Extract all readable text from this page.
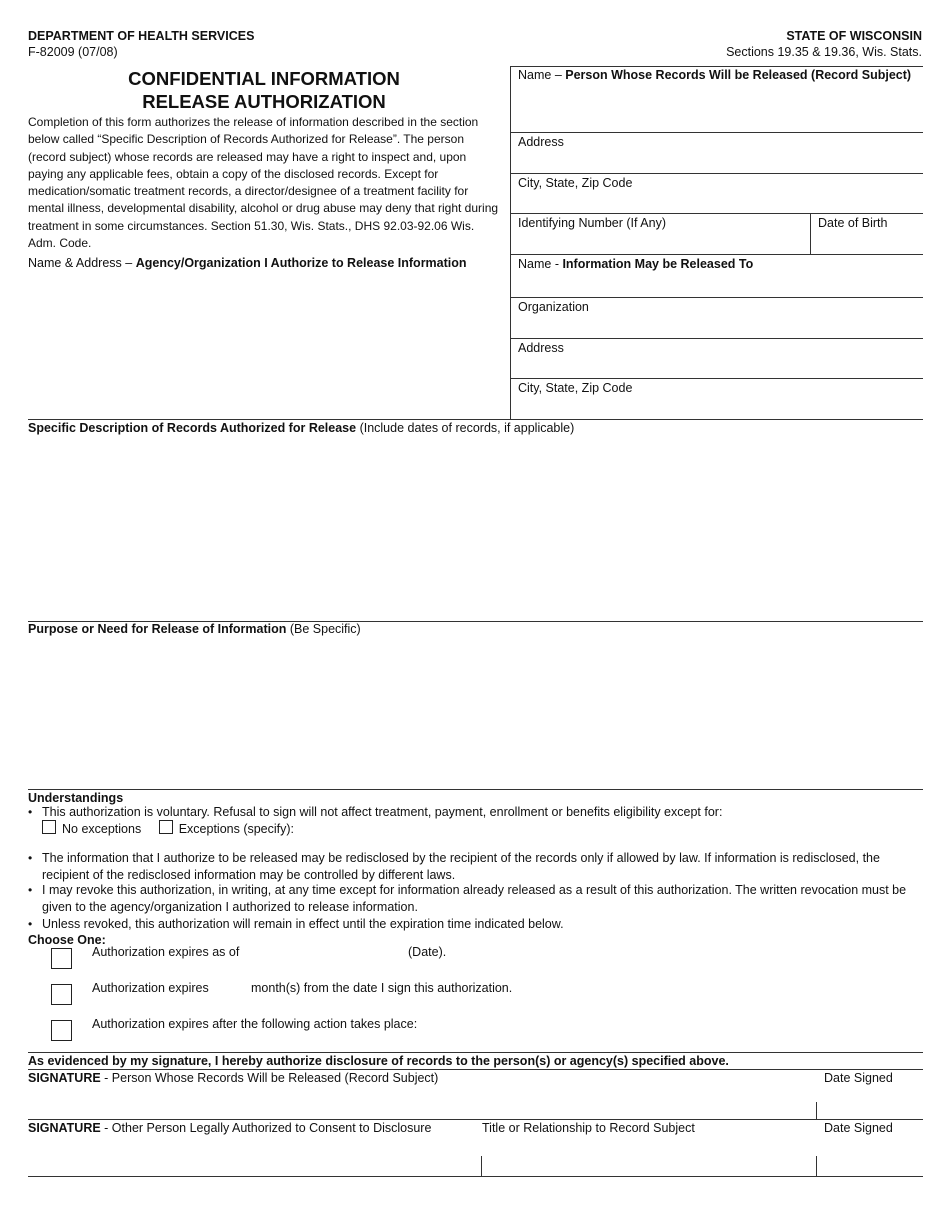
DEPARTMENT OF HEALTH SERVICES
F-82009 (07/08)
STATE OF WISCONSIN
Sections 19.35 & 19.36, Wis. Stats.
CONFIDENTIAL INFORMATION
RELEASE AUTHORIZATION
Completion of this form authorizes the release of information described in the section below called “Specific Description of Records Authorized for Release”. The person (record subject) whose records are released may have a right to inspect and, upon paying any applicable fees, obtain a copy of the disclosed records. Except for medication/somatic treatment records, a director/designee of a treatment facility for mental illness, developmental disability, alcohol or drug abuse may deny that right during treatment in some circumstances. Section 51.30, Wis. Stats., DHS 92.03-92.06 Wis. Adm. Code.
Name & Address – Agency/Organization I Authorize to Release Information
Name – Person Whose Records Will be Released (Record Subject)
Address
City, State, Zip Code
Identifying Number (If Any)	Date of Birth
Name - Information May be Released To
Organization
Address
City, State, Zip Code
Specific Description of Records Authorized for Release (Include dates of records, if applicable)
Purpose or Need for Release of Information (Be Specific)
Understandings
• This authorization is voluntary. Refusal to sign will not affect treatment, payment, enrollment or benefits eligibility except for:
No exceptions	Exceptions (specify):
• The information that I authorize to be released may be redisclosed by the recipient of the records only if allowed by law. If information is redisclosed, the recipient of the redisclosed information may be controlled by different laws.
• I may revoke this authorization, in writing, at any time except for information already released as a result of this authorization. The written revocation must be given to the agency/organization I authorized to release information.
• Unless revoked, this authorization will remain in effect until the expiration time indicated below.
Choose One:
Authorization expires as of	(Date).
Authorization expires	month(s) from the date I sign this authorization.
Authorization expires after the following action takes place:
As evidenced by my signature, I hereby authorize disclosure of records to the person(s) or agency(s) specified above.
SIGNATURE - Person Whose Records Will be Released (Record Subject)	Date Signed
SIGNATURE - Other Person Legally Authorized to Consent to Disclosure	Title or Relationship to Record Subject	Date Signed
